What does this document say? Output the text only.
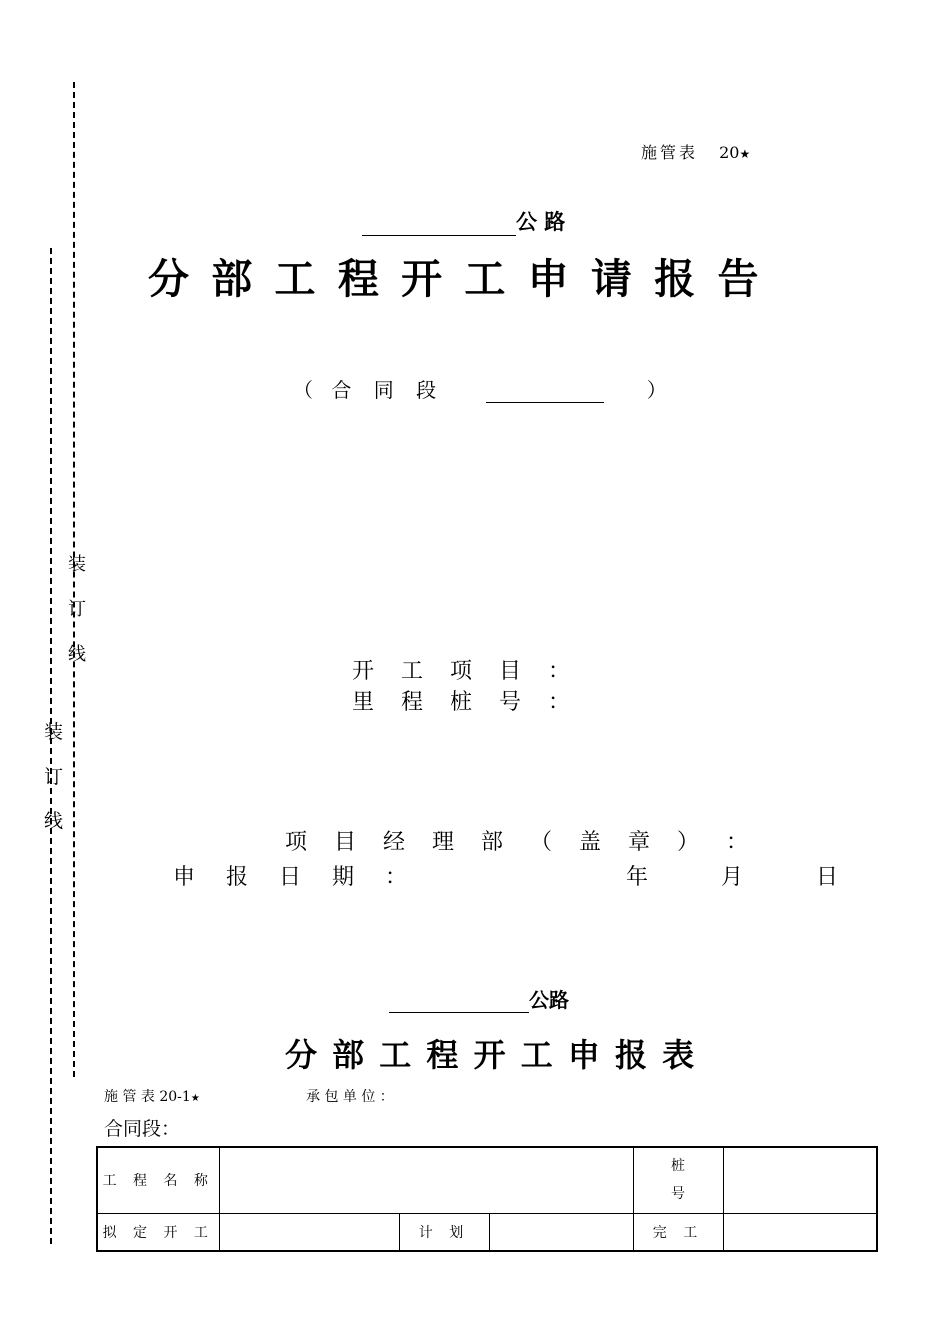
装
订
线
装
订
线
施管表 20★
公 路
分 部 工 程 开 工 申 请 报 告
（ 合 同 段	）
开 工 项 目 ：
里 程 桩 号 ：
项 目 经 理 部 （ 盖 章 ） ：
申 报 日 期 ：	年	月	日
公路
分 部 工 程 开 工 申 报 表
施 管 表 20-1★	承 包 单 位 ：
合同段：
工 程 名 称				桩
号	

拟 定 开 工		计 划		完 工	
